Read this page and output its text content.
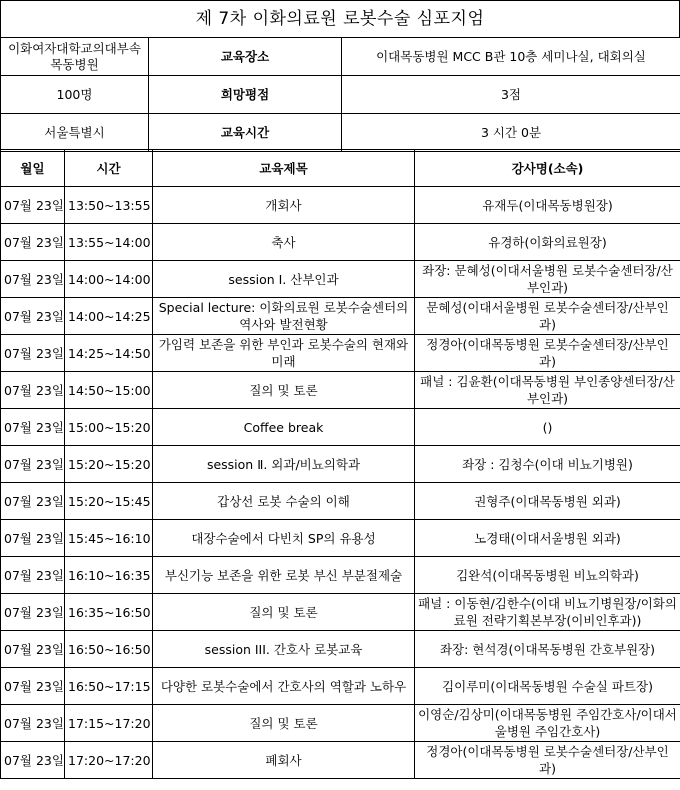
제 7차 이화의료원 로봇수술 심포지엄
이화여자대학교의대부속목동병원	교육장소	이대목동병원 MCC B관 10층 세미나실, 대회의실
100명	희망평점	3점
서울특별시	교육시간	3 시간 0분
월일	시간	교육제목	강사명(소속)
07월 23일	13:50~13:55	개회사	유재두(이대목동병원장)
07월 23일	13:55~14:00	축사	유경하(이화의료원장)
07월 23일	14:00~14:00	session Ⅰ. 산부인과	좌장: 문혜성(이대서울병원 로봇수술센터장/산부인과)
07월 23일	14:00~14:25	Special lecture: 이화의료원 로봇수술센터의 역사와 발전현황	문혜성(이대서울병원 로봇수술센터장/산부인과)
07월 23일	14:25~14:50	가임력 보존을 위한 부인과 로봇수술의 현재와 미래	정경아(이대목동병원 로봇수술센터장/산부인과)
07월 23일	14:50~15:00	질의 및 토론	패널 : 김윤환(이대목동병원 부인종양센터장/산부인과)
07월 23일	15:00~15:20	Coffee break	()
07월 23일	15:20~15:20	session Ⅱ. 외과/비뇨의학과	좌장 : 김청수(이대 비뇨기병원)
07월 23일	15:20~15:45	갑상선 로봇 수술의 이해	권형주(이대목동병원 외과)
07월 23일	15:45~16:10	대장수술에서 다빈치 SP의 유용성	노경태(이대서울병원 외과)
07월 23일	16:10~16:35	부신기능 보존을 위한 로봇 부신 부분절제술	김완석(이대목동병원 비뇨의학과)
07월 23일	16:35~16:50	질의 및 토론	패널 : 이동현/김한수(이대 비뇨기병원장/이화의료원 전략기획본부장(이비인후과))
07월 23일	16:50~16:50	session III. 간호사 로봇교육	좌장: 현석경(이대목동병원 간호부원장)
07월 23일	16:50~17:15	다양한 로봇수술에서 간호사의 역할과 노하우	김이루미(이대목동병원 수술실 파트장)
07월 23일	17:15~17:20	질의 및 토론	이영순/김상미(이대목동병원 주임간호사/이대서울병원 주임간호사)
07월 23일	17:20~17:20	폐회사	정경아(이대목동병원 로봇수술센터장/산부인과)
